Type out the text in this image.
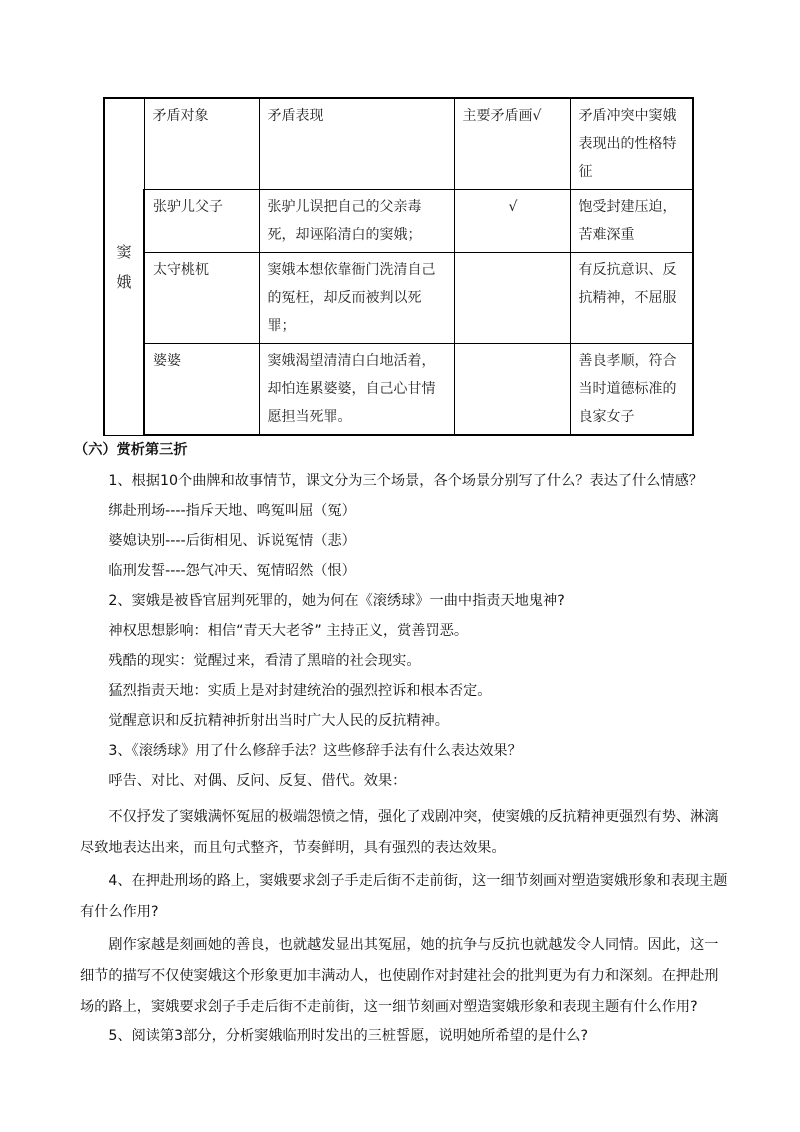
窦娥	矛盾对象	矛盾表现	主要矛盾画√	矛盾冲突中窦娥表现出的性格特征
	张驴儿父子	张驴儿误把自己的父亲毒死，却诬陷清白的窦娥；	√	饱受封建压迫，苦难深重
	太守桃杌	窦娥本想依靠衙门洗清自己的冤枉，却反而被判以死罪；		有反抗意识、反抗精神，不屈服
	婆婆	窦娥渴望清清白白地活着，却怕连累婆婆，自己心甘情愿担当死罪。		善良孝顺，符合当时道德标准的良家女子
（六）赏析第三折
1、根据10个曲牌和故事情节，课文分为三个场景，各个场景分别写了什么？表达了什么情感？
绑赴刑场----指斥天地、鸣冤叫屈（冤）
婆媳诀别----后街相见、诉说冤情（悲）
临刑发誓----怨气冲天、冤情昭然（恨）
2、窦娥是被昏官屈判死罪的，她为何在《滚绣球》一曲中指责天地鬼神?
神权思想影响：相信“青天大老爷” 主持正义，赏善罚恶。
残酷的现实：觉醒过来，看清了黑暗的社会现实。
猛烈指责天地：实质上是对封建统治的强烈控诉和根本否定。
觉醒意识和反抗精神折射出当时广大人民的反抗精神。
3、《滚绣球》用了什么修辞手法？这些修辞手法有什么表达效果？
呼告、对比、对偶、反问、反复、借代。效果：
不仅抒发了窦娥满怀冤屈的极端怨愤之情，强化了戏剧冲突，使窦娥的反抗精神更强烈有势、淋漓尽致地表达出来，而且句式整齐，节奏鲜明，具有强烈的表达效果。
4、在押赴刑场的路上，窦娥要求刽子手走后街不走前街，这一细节刻画对塑造窦娥形象和表现主题有什么作用?
剧作家越是刻画她的善良，也就越发显出其冤屈，她的抗争与反抗也就越发令人同情。因此，这一细节的描写不仅使窦娥这个形象更加丰满动人，也使剧作对封建社会的批判更为有力和深刻。在押赴刑场的路上，窦娥要求刽子手走后街不走前街，这一细节刻画对塑造窦娥形象和表现主题有什么作用?
5、阅读第3部分，分析窦娥临刑时发出的三桩誓愿，说明她所希望的是什么?
